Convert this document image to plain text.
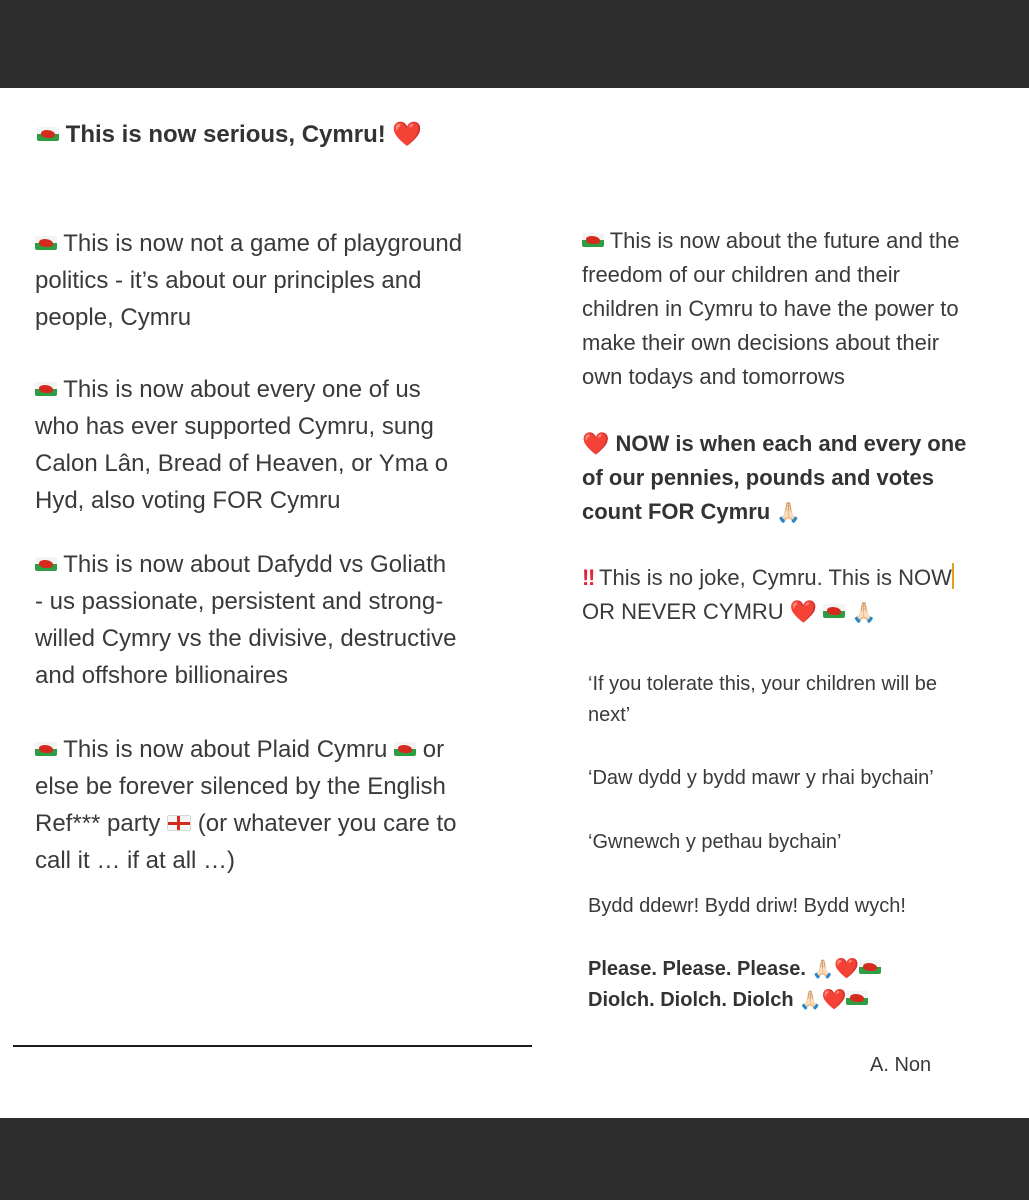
This is now serious, Cymru! ❤️

This is now not a game of playground

politics - it’s about our principles and

people, Cymru

This is now about every one of us

who has ever supported Cymru, sung

Calon Lân, Bread of Heaven, or Yma o

Hyd, also voting FOR Cymru

This is now about Dafydd vs Goliath

- us passionate, persistent and strong-

willed Cymry vs the divisive, destructive

and offshore billionaires

This is now about Plaid Cymru or

else be forever silenced by the English

Ref*** party (or whatever you care to

call it … if at all …)

This is now about the future and the

freedom of our children and their

children in Cymru to have the power to

make their own decisions about their

own todays and tomorrows

❤️ NOW is when each and every one

of our pennies, pounds and votes

count FOR Cymru 🙏🏻

‼ This is no joke, Cymru. This is NOW

OR NEVER CYMRU ❤️ 🙏🏻

‘If you tolerate this, your children will be

next’

‘Daw dydd y bydd mawr y rhai bychain’

‘Gwnewch y pethau bychain’

Bydd ddewr! Bydd driw! Bydd wych!

Please. Please. Please. 🙏🏻❤️

Diolch. Diolch. Diolch 🙏🏻❤️

A. Non
